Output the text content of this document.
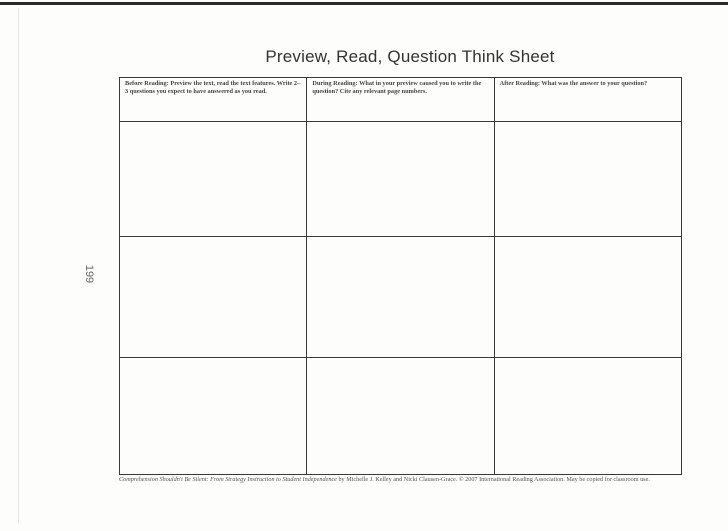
Preview, Read, Question Think Sheet
199
Before Reading: Preview the text, read the text features. Write 2–3 questions you expect to have answered as you read.	During Reading: What in your preview caused you to write the question? Cite any relevant page numbers.	After Reading: What was the answer to your question?

Comprehension Shouldn't Be Silent: From Strategy Instruction to Student Independence by Michelle J. Kelley and Nicki Clausen-Grace. © 2007 International Reading Association. May be copied for classroom use.
